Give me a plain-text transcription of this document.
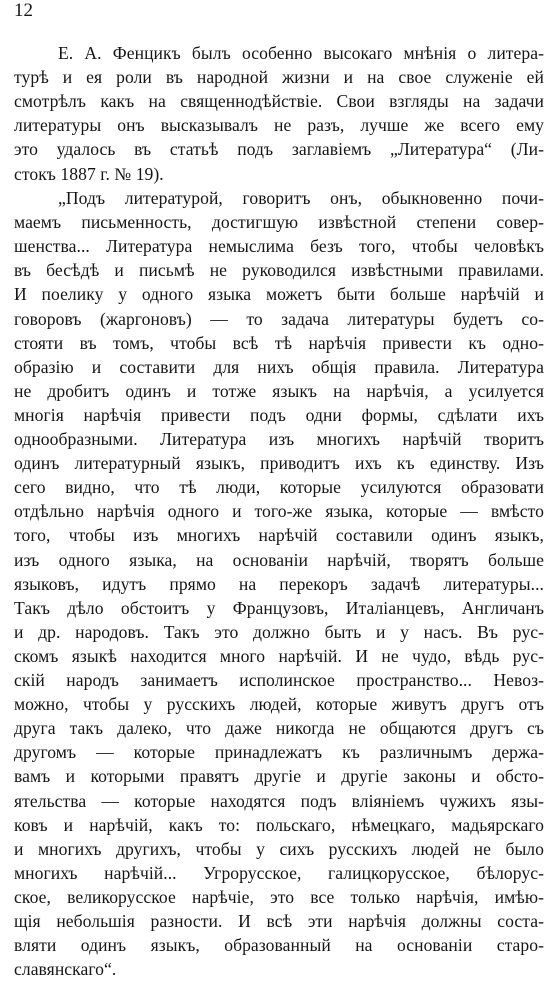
12
Е. А. Фенцикъ былъ особенно высокаго мнѣнія о литера-
турѣ и ея роли въ народной жизни и на свое служеніе ей
смотрѣлъ какъ на священнодѣйствіе. Свои взгляды на задачи
литературы онъ высказывалъ не разъ, лучше же всего ему
это удалось въ статьѣ подъ заглавіемъ „Литература“ (Ли-
стокъ 1887 г. № 19).
„Подъ литературой, говоритъ онъ, обыкновенно почи-
маемъ письменность, достигшую извѣстной степени совер-
шенства... Литература немыслима безъ того, чтобы человѣкъ
въ бесѣдѣ и письмѣ не руководился извѣстными правилами.
И поелику у одного языка можетъ быти больше нарѣчій и
говоровъ (жаргоновъ) — то задача литературы будетъ со-
стояти въ томъ, чтобы всѣ тѣ нарѣчія привести къ одно-
образію и составити для нихъ общія правила. Литература
не дробитъ одинъ и тотже языкъ на нарѣчія, а усилуется
многія нарѣчія привести подъ одни формы, сдѣлати ихъ
однообразными. Литература изъ многихъ нарѣчій творитъ
одинъ литературный языкъ, приводитъ ихъ къ единству. Изъ
сего видно, что тѣ люди, которые усилуются образовати
отдѣльно нарѣчія одного и того-же языка, которые — вмѣсто
того, чтобы изъ многихъ нарѣчій составили одинъ языкъ,
изъ одного языка, на основаніи нарѣчій, творятъ больше
языковъ, идутъ прямо на перекоръ задачѣ литературы...
Такъ дѣло обстоитъ у Французовъ, Италіанцевъ, Англичанъ
и др. народовъ. Такъ это должно быть и у насъ. Въ рус-
скомъ языкѣ находится много нарѣчій. И не чудо, вѣдь рус-
скій народъ занимаетъ исполинское пространство... Невоз-
можно, чтобы у русскихъ людей, которые живутъ другъ отъ
друга такъ далеко, что даже никогда не общаются другъ съ
другомъ — которые принадлежатъ къ различнымъ держа-
вамъ и которыми правятъ другіе и другіе законы и обсто-
ятельства — которые находятся подъ вліяніемъ чужихъ язы-
ковъ и нарѣчій, какъ то: польскаго, нѣмецкаго, мадьярскаго
и многихъ другихъ, чтобы у сихъ русскихъ людей не было
многихъ нарѣчій... Угрорусское, галицкорусское, бѣлорус-
ское, великорусское нарѣчіе, это все только нарѣчія, имѣю-
щія небольшія разности. И всѣ эти нарѣчія должны соста-
вляти одинъ языкъ, образованный на основаніи старо-
славянскаго“.
